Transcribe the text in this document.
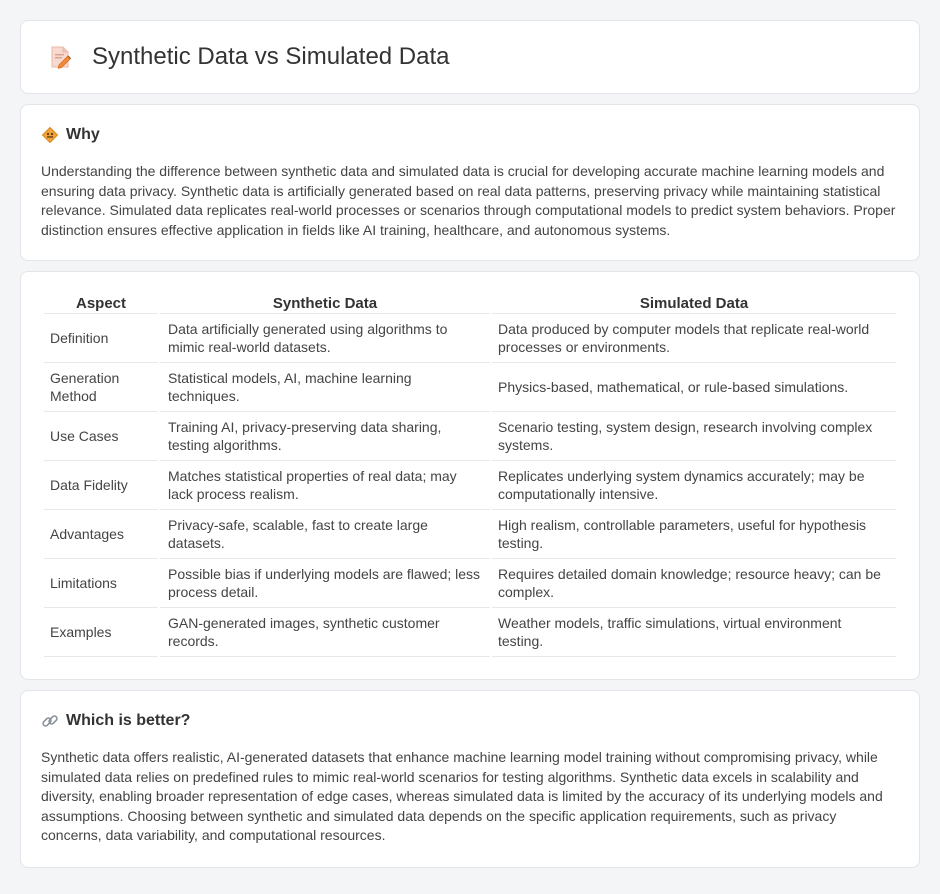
Synthetic Data vs Simulated Data
Why

Understanding the difference between synthetic data and simulated data is crucial for developing accurate machine learning models and ensuring data privacy. Synthetic data is artificially generated based on real data patterns, preserving privacy while maintaining statistical relevance. Simulated data replicates real-world processes or scenarios through computational models to predict system behaviors. Proper distinction ensures effective application in fields like AI training, healthcare, and autonomous systems.

Aspect	Synthetic Data	Simulated Data
Definition	Data artificially generated using algorithms to mimic real-world datasets.	Data produced by computer models that replicate real-world processes or environments.
Generation Method	Statistical models, AI, machine learning techniques.	Physics-based, mathematical, or rule-based simulations.
Use Cases	Training AI, privacy-preserving data sharing, testing algorithms.	Scenario testing, system design, research involving complex systems.
Data Fidelity	Matches statistical properties of real data; may lack process realism.	Replicates underlying system dynamics accurately; may be computationally intensive.
Advantages	Privacy-safe, scalable, fast to create large datasets.	High realism, controllable parameters, useful for hypothesis testing.
Limitations	Possible bias if underlying models are flawed; less process detail.	Requires detailed domain knowledge; resource heavy; can be complex.
Examples	GAN-generated images, synthetic customer records.	Weather models, traffic simulations, virtual environment testing.
Which is better?

Synthetic data offers realistic, AI-generated datasets that enhance machine learning model training without compromising privacy, while simulated data relies on predefined rules to mimic real-world scenarios for testing algorithms. Synthetic data excels in scalability and diversity, enabling broader representation of edge cases, whereas simulated data is limited by the accuracy of its underlying models and assumptions. Choosing between synthetic and simulated data depends on the specific application requirements, such as privacy concerns, data variability, and computational resources.
